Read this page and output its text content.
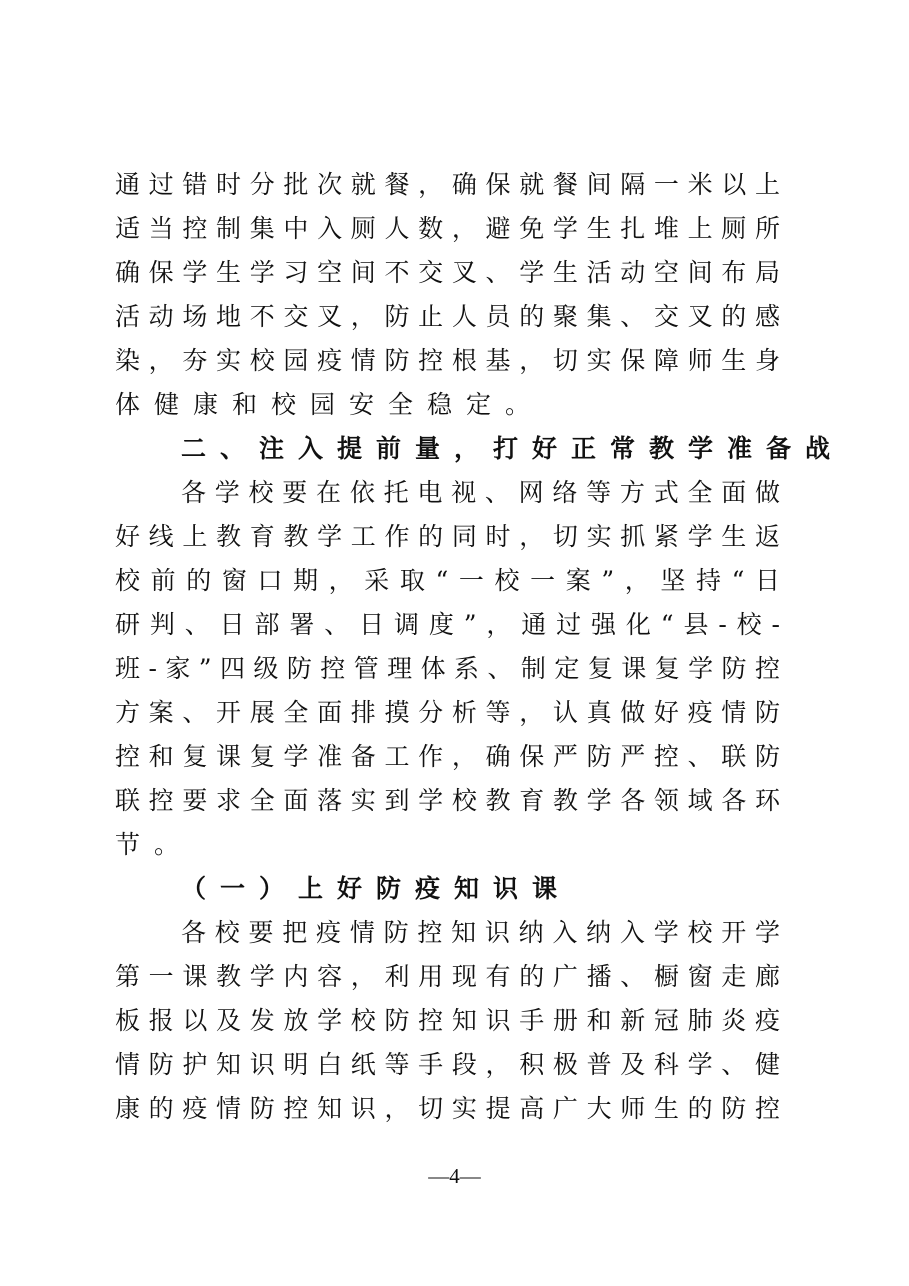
通过错时分批次就餐，确保就餐间隔一米以上
适当控制集中入厕人数，避免学生扎堆上厕所
确保学生学习空间不交叉、学生活动空间布局
活动场地不交叉，防止人员的聚集、交叉的感
染，夯实校园疫情防控根基，切实保障师生身
体健康和校园安全稳定。
二、注入提前量，打好正常教学准备战
各学校要在依托电视、网络等方式全面做
好线上教育教学工作的同时，切实抓紧学生返
校前的窗口期，采取“一校一案”，坚持“日
研判、日部署、日调度”，通过强化“县-校-
班-家”四级防控管理体系、制定复课复学防控
方案、开展全面排摸分析等，认真做好疫情防
控和复课复学准备工作，确保严防严控、联防
联控要求全面落实到学校教育教学各领域各环
节。
（一）上好防疫知识课
各校要把疫情防控知识纳入纳入学校开学
第一课教学内容，利用现有的广播、橱窗走廊
板报以及发放学校防控知识手册和新冠肺炎疫
情防护知识明白纸等手段，积极普及科学、健
康的疫情防控知识，切实提高广大师生的防控
—4—
